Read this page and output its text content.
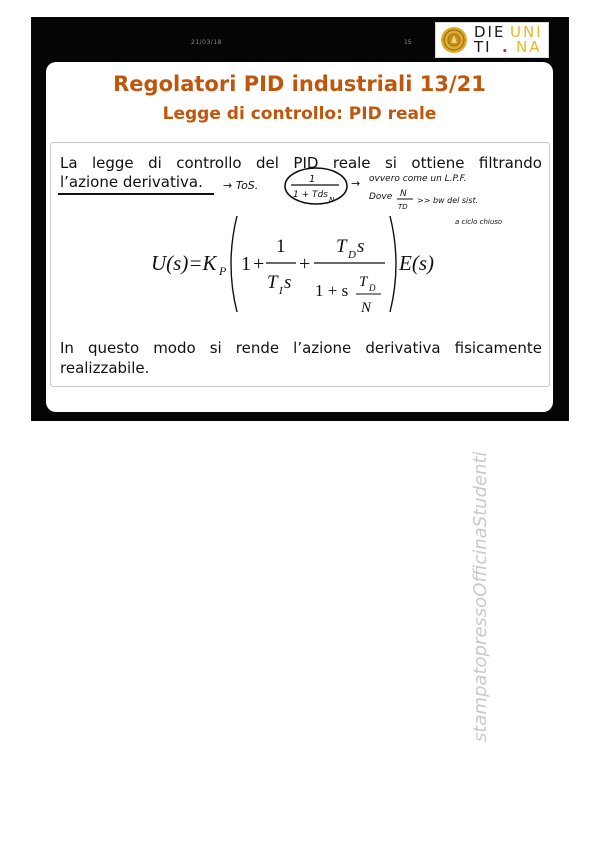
21/03/18	15
DIE
TI
UNI
. NA
Regolatori PID industriali 13/21
Legge di controllo: PID reale
La legge di controllo del PID reale si ottiene filtrando
l’azione derivativa.
U(s)=K P 1 +
1
T I s
+
T D s
1 + s T D
N
E(s)
→ ToS.	1
1 + Tds N
→ ovvero come un L.P.F.
Dove N
TD
>> bw del sist.
a ciclo chiuso
In questo modo si rende l’azione derivativa fisicamente
realizzabile.
stampatopressoOfficinaStudenti
